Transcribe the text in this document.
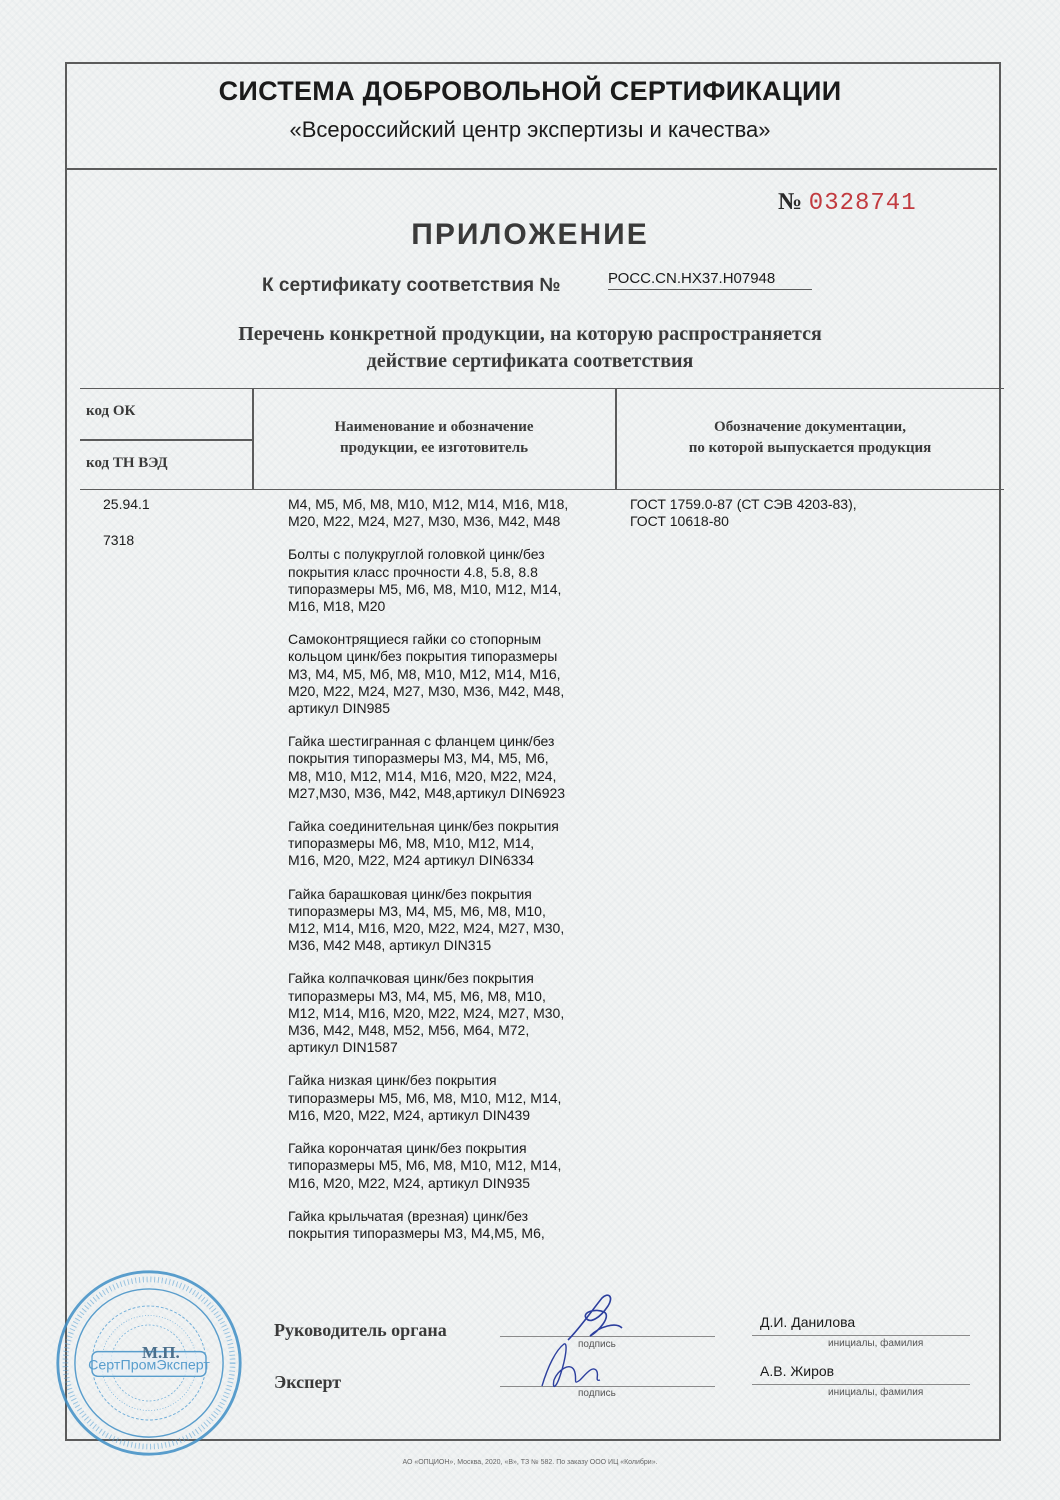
СИСТЕМА ДОБРОВОЛЬНОЙ СЕРТИФИКАЦИИ
«Всероссийский центр экспертизы и качества»
№ 0328741
ПРИЛОЖЕНИЕ
К сертификату соответствия №	РОСС.CN.НХ37.Н07948
Перечень конкретной продукции, на которую распространяется
действие сертификата соответствия
код ОК
код ТН ВЭД
Наименование и обозначение
продукции, ее изготовитель
Обозначение документации,
по которой выпускается продукция
25.94.1
7318

М4, М5, Мб, М8, М10, М12, М14, М16, М18,
М20, М22, М24, М27, М30, М36, М42, М48

Болты с полукруглой головкой цинк/без
покрытия класс прочности 4.8, 5.8, 8.8
типоразмеры М5, М6, М8, М10, М12, М14,
М16, М18, М20

Самоконтрящиеся гайки со стопорным
кольцом цинк/без покрытия типоразмеры
М3, М4, М5, Мб, М8, М10, М12, М14, М16,
М20, М22, М24, М27, М30, М36, М42, М48,
артикул DIN985

Гайка шестигранная с фланцем цинк/без
покрытия типоразмеры М3, М4, М5, М6,
М8, М10, М12, М14, М16, М20, М22, М24,
М27,М30, М36, М42, М48,артикул DIN6923

Гайка соединительная цинк/без покрытия
типоразмеры М6, М8, М10, М12, М14,
М16, М20, М22, М24 артикул DIN6334

Гайка барашковая цинк/без покрытия
типоразмеры М3, М4, М5, М6, М8, М10,
М12, М14, М16, М20, М22, М24, М27, М30,
М36, М42 М48, артикул DIN315

Гайка колпачковая цинк/без покрытия
типоразмеры М3, М4, М5, М6, М8, М10,
М12, М14, М16, М20, М22, М24, М27, М30,
М36, М42, М48, М52, М56, М64, М72,
артикул DIN1587

Гайка низкая цинк/без покрытия
типоразмеры М5, М6, М8, М10, М12, М14,
М16, М20, М22, М24, артикул DIN439

Гайка корончатая цинк/без покрытия
типоразмеры М5, М6, М8, М10, М12, М14,
М16, М20, М22, М24, артикул DIN935

Гайка крыльчатая (врезная) цинк/без
покрытия типоразмеры М3, М4,М5, М6,

ГОСТ 1759.0-87 (СТ СЭВ 4203-83),
ГОСТ 10618-80
СертПромЭксперт
Руководитель органа
подпись
Д.И. Данилова
инициалы, фамилия
Эксперт
подпись
А.В. Жиров
инициалы, фамилия
М.П.
АО «ОПЦИОН», Москва, 2020, «В», ТЗ № 582. По заказу ООО ИЦ «Колибри».
